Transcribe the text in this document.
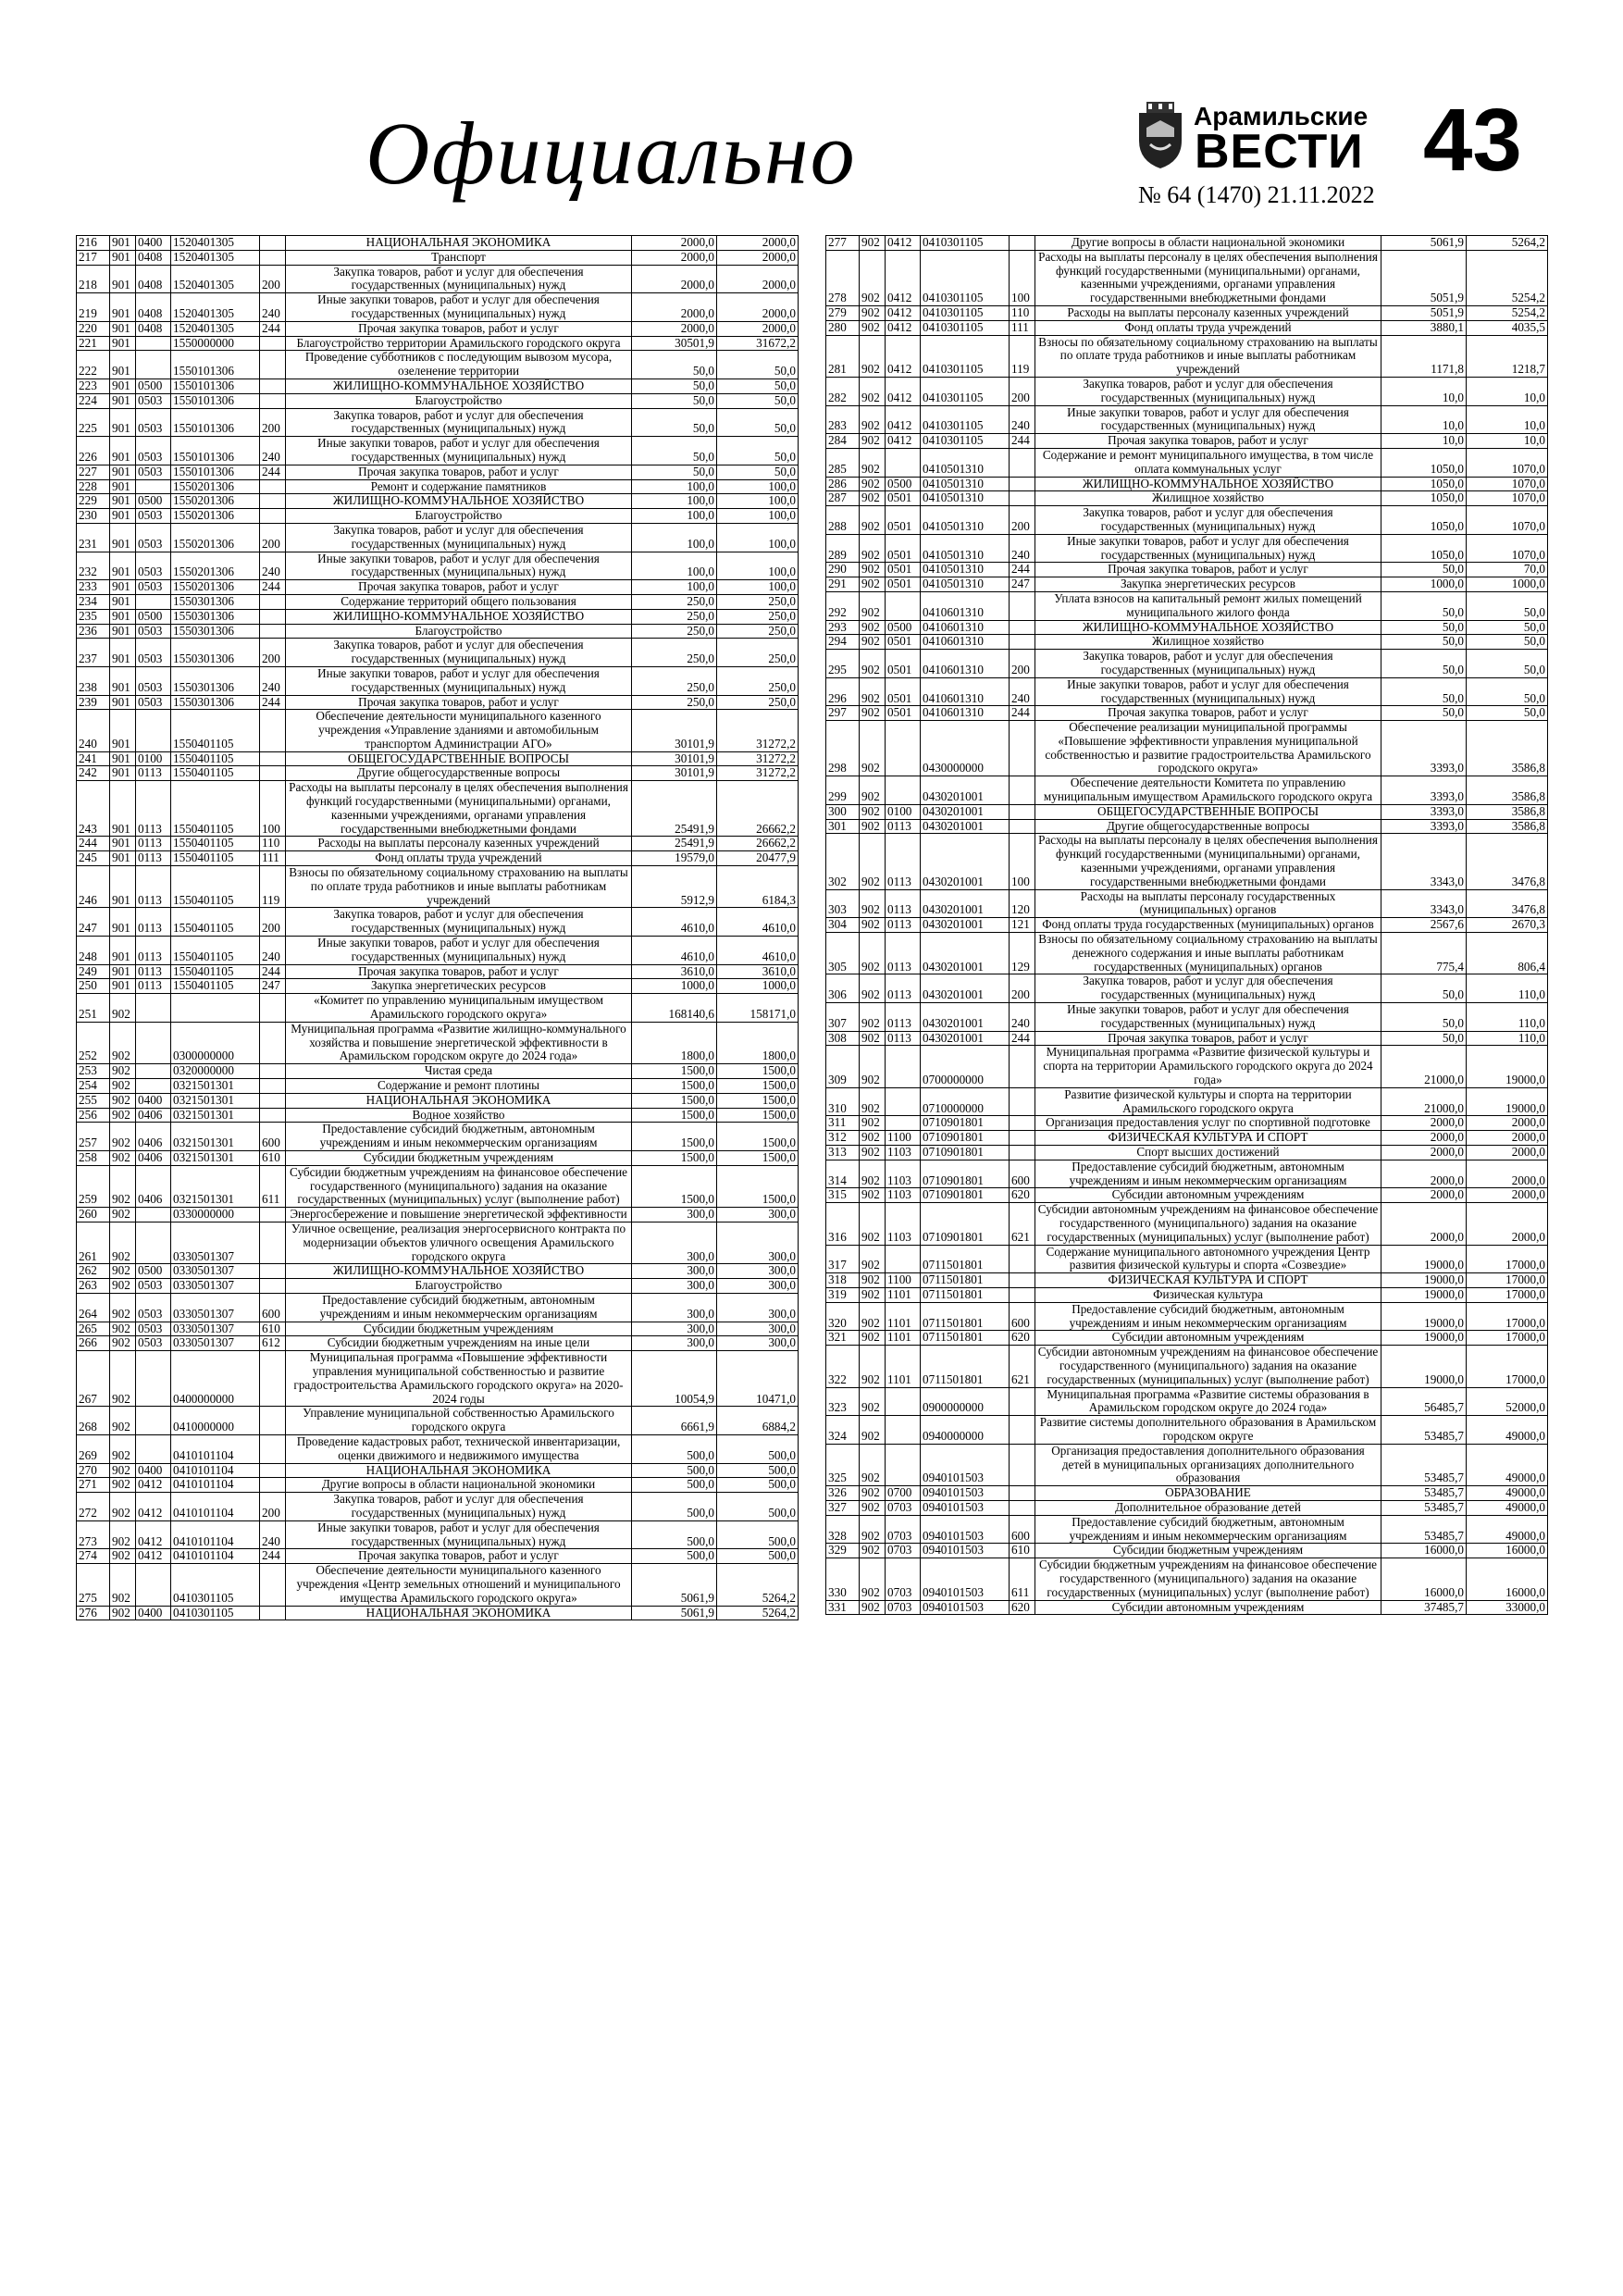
Официально	Арамильские
ВЕСТИ 43
№ 64 (1470) 21.11.2022
216	901	0400	1520401305		НАЦИОНАЛЬНАЯ ЭКОНОМИКА	2000,0	2000,0
217	901	0408	1520401305		Транспорт	2000,0	2000,0
218	901	0408	1520401305	200	Закупка товаров, работ и услуг для обеспечения государственных (муниципальных) нужд	2000,0	2000,0
219	901	0408	1520401305	240	Иные закупки товаров, работ и услуг для обеспечения государственных (муниципальных) нужд	2000,0	2000,0
220	901	0408	1520401305	244	Прочая закупка товаров, работ и услуг	2000,0	2000,0
221	901		1550000000		Благоустройство территории Арамильского городского округа	30501,9	31672,2
222	901		1550101306		Проведение субботников с последующим вывозом мусора, озеленение территории	50,0	50,0
223	901	0500	1550101306		ЖИЛИЩНО-КОММУНАЛЬНОЕ ХОЗЯЙСТВО	50,0	50,0
224	901	0503	1550101306		Благоустройство	50,0	50,0
225	901	0503	1550101306	200	Закупка товаров, работ и услуг для обеспечения государственных (муниципальных) нужд	50,0	50,0
226	901	0503	1550101306	240	Иные закупки товаров, работ и услуг для обеспечения государственных (муниципальных) нужд	50,0	50,0
227	901	0503	1550101306	244	Прочая закупка товаров, работ и услуг	50,0	50,0
228	901		1550201306		Ремонт и содержание памятников	100,0	100,0
229	901	0500	1550201306		ЖИЛИЩНО-КОММУНАЛЬНОЕ ХОЗЯЙСТВО	100,0	100,0
230	901	0503	1550201306		Благоустройство	100,0	100,0
231	901	0503	1550201306	200	Закупка товаров, работ и услуг для обеспечения государственных (муниципальных) нужд	100,0	100,0
232	901	0503	1550201306	240	Иные закупки товаров, работ и услуг для обеспечения государственных (муниципальных) нужд	100,0	100,0
233	901	0503	1550201306	244	Прочая закупка товаров, работ и услуг	100,0	100,0
234	901		1550301306		Содержание территорий общего пользования	250,0	250,0
235	901	0500	1550301306		ЖИЛИЩНО-КОММУНАЛЬНОЕ ХОЗЯЙСТВО	250,0	250,0
236	901	0503	1550301306		Благоустройство	250,0	250,0
237	901	0503	1550301306	200	Закупка товаров, работ и услуг для обеспечения государственных (муниципальных) нужд	250,0	250,0
238	901	0503	1550301306	240	Иные закупки товаров, работ и услуг для обеспечения государственных (муниципальных) нужд	250,0	250,0
239	901	0503	1550301306	244	Прочая закупка товаров, работ и услуг	250,0	250,0
240	901		1550401105		Обеспечение деятельности муниципального казенного учреждения «Управление зданиями и автомобильным транспортом Администрации АГО»	30101,9	31272,2
241	901	0100	1550401105		ОБЩЕГОСУДАРСТВЕННЫЕ ВОПРОСЫ	30101,9	31272,2
242	901	0113	1550401105		Другие общегосударственные вопросы	30101,9	31272,2
243	901	0113	1550401105	100	Расходы на выплаты персоналу в целях обеспечения выполнения функций государственными (муниципальными) органами, казенными учреждениями, органами управления государственными внебюджетными фондами	25491,9	26662,2
244	901	0113	1550401105	110	Расходы на выплаты персоналу казенных учреждений	25491,9	26662,2
245	901	0113	1550401105	111	Фонд оплаты труда учреждений	19579,0	20477,9
246	901	0113	1550401105	119	Взносы по обязательному социальному страхованию на выплаты по оплате труда работников и иные выплаты работникам учреждений	5912,9	6184,3
247	901	0113	1550401105	200	Закупка товаров, работ и услуг для обеспечения государственных (муниципальных) нужд	4610,0	4610,0
248	901	0113	1550401105	240	Иные закупки товаров, работ и услуг для обеспечения государственных (муниципальных) нужд	4610,0	4610,0
249	901	0113	1550401105	244	Прочая закупка товаров, работ и услуг	3610,0	3610,0
250	901	0113	1550401105	247	Закупка энергетических ресурсов	1000,0	1000,0
251	902				«Комитет по управлению муниципальным имуществом Арамильского городского округа»	168140,6	158171,0
252	902		0300000000		Муниципальная программа «Развитие жилищно-коммунального хозяйства и повышение энергетической эффективности в Арамильском городском округе до 2024 года»	1800,0	1800,0
253	902		0320000000		Чистая среда	1500,0	1500,0
254	902		0321501301		Содержание и ремонт плотины	1500,0	1500,0
255	902	0400	0321501301		НАЦИОНАЛЬНАЯ ЭКОНОМИКА	1500,0	1500,0
256	902	0406	0321501301		Водное хозяйство	1500,0	1500,0
257	902	0406	0321501301	600	Предоставление субсидий бюджетным, автономным учреждениям и иным некоммерческим организациям	1500,0	1500,0
258	902	0406	0321501301	610	Субсидии бюджетным учреждениям	1500,0	1500,0
259	902	0406	0321501301	611	Субсидии бюджетным учреждениям на финансовое обеспечение государственного (муниципального) задания на оказание государственных (муниципальных) услуг (выполнение работ)	1500,0	1500,0
260	902		0330000000		Энергосбережение и повышение энергетической эффективности	300,0	300,0
261	902		0330501307		Уличное освещение, реализация энергосервисного контракта по модернизации объектов уличного освещения Арамильского городского округа	300,0	300,0
262	902	0500	0330501307		ЖИЛИЩНО-КОММУНАЛЬНОЕ ХОЗЯЙСТВО	300,0	300,0
263	902	0503	0330501307		Благоустройство	300,0	300,0
264	902	0503	0330501307	600	Предоставление субсидий бюджетным, автономным учреждениям и иным некоммерческим организациям	300,0	300,0
265	902	0503	0330501307	610	Субсидии бюджетным учреждениям	300,0	300,0
266	902	0503	0330501307	612	Субсидии бюджетным учреждениям на иные цели	300,0	300,0
267	902		0400000000		Муниципальная программа «Повышение эффективности управления муниципальной собственностью и развитие градостроительства Арамильского городского округа» на 2020-2024 годы	10054,9	10471,0
268	902		0410000000		Управление муниципальной собственностью Арамильского городского округа	6661,9	6884,2
269	902		0410101104		Проведение кадастровых работ, технической инвентаризации, оценки движимого и недвижимого имущества	500,0	500,0
270	902	0400	0410101104		НАЦИОНАЛЬНАЯ ЭКОНОМИКА	500,0	500,0
271	902	0412	0410101104		Другие вопросы в области национальной экономики	500,0	500,0
272	902	0412	0410101104	200	Закупка товаров, работ и услуг для обеспечения государственных (муниципальных) нужд	500,0	500,0
273	902	0412	0410101104	240	Иные закупки товаров, работ и услуг для обеспечения государственных (муниципальных) нужд	500,0	500,0
274	902	0412	0410101104	244	Прочая закупка товаров, работ и услуг	500,0	500,0
275	902		0410301105		Обеспечение деятельности муниципального казенного учреждения «Центр земельных отношений и муниципального имущества Арамильского городского округа»	5061,9	5264,2
276	902	0400	0410301105		НАЦИОНАЛЬНАЯ ЭКОНОМИКА	5061,9	5264,2
277	902	0412	0410301105		Другие вопросы в области национальной экономики	5061,9	5264,2
278	902	0412	0410301105	100	Расходы на выплаты персоналу в целях обеспечения выполнения функций государственными (муниципальными) органами, казенными учреждениями, органами управления государственными внебюджетными фондами	5051,9	5254,2
279	902	0412	0410301105	110	Расходы на выплаты персоналу казенных учреждений	5051,9	5254,2
280	902	0412	0410301105	111	Фонд оплаты труда учреждений	3880,1	4035,5
281	902	0412	0410301105	119	Взносы по обязательному социальному страхованию на выплаты по оплате труда работников и иные выплаты работникам учреждений	1171,8	1218,7
282	902	0412	0410301105	200	Закупка товаров, работ и услуг для обеспечения государственных (муниципальных) нужд	10,0	10,0
283	902	0412	0410301105	240	Иные закупки товаров, работ и услуг для обеспечения государственных (муниципальных) нужд	10,0	10,0
284	902	0412	0410301105	244	Прочая закупка товаров, работ и услуг	10,0	10,0
285	902		0410501310		Содержание и ремонт муниципального имущества, в том числе оплата коммунальных услуг	1050,0	1070,0
286	902	0500	0410501310		ЖИЛИЩНО-КОММУНАЛЬНОЕ ХОЗЯЙСТВО	1050,0	1070,0
287	902	0501	0410501310		Жилищное хозяйство	1050,0	1070,0
288	902	0501	0410501310	200	Закупка товаров, работ и услуг для обеспечения государственных (муниципальных) нужд	1050,0	1070,0
289	902	0501	0410501310	240	Иные закупки товаров, работ и услуг для обеспечения государственных (муниципальных) нужд	1050,0	1070,0
290	902	0501	0410501310	244	Прочая закупка товаров, работ и услуг	50,0	70,0
291	902	0501	0410501310	247	Закупка энергетических ресурсов	1000,0	1000,0
292	902		0410601310		Уплата взносов на капитальный ремонт жилых помещений муниципального жилого фонда	50,0	50,0
293	902	0500	0410601310		ЖИЛИЩНО-КОММУНАЛЬНОЕ ХОЗЯЙСТВО	50,0	50,0
294	902	0501	0410601310		Жилищное хозяйство	50,0	50,0
295	902	0501	0410601310	200	Закупка товаров, работ и услуг для обеспечения государственных (муниципальных) нужд	50,0	50,0
296	902	0501	0410601310	240	Иные закупки товаров, работ и услуг для обеспечения государственных (муниципальных) нужд	50,0	50,0
297	902	0501	0410601310	244	Прочая закупка товаров, работ и услуг	50,0	50,0
298	902		0430000000		Обеспечение реализации муниципальной программы «Повышение эффективности управления муниципальной собственностью и развитие градостроительства Арамильского городского округа»	3393,0	3586,8
299	902		0430201001		Обеспечение деятельности Комитета по управлению муниципальным имуществом Арамильского городского округа	3393,0	3586,8
300	902	0100	0430201001		ОБЩЕГОСУДАРСТВЕННЫЕ ВОПРОСЫ	3393,0	3586,8
301	902	0113	0430201001		Другие общегосударственные вопросы	3393,0	3586,8
302	902	0113	0430201001	100	Расходы на выплаты персоналу в целях обеспечения выполнения функций государственными (муниципальными) органами, казенными учреждениями, органами управления государственными внебюджетными фондами	3343,0	3476,8
303	902	0113	0430201001	120	Расходы на выплаты персоналу государственных (муниципальных) органов	3343,0	3476,8
304	902	0113	0430201001	121	Фонд оплаты труда государственных (муниципальных) органов	2567,6	2670,3
305	902	0113	0430201001	129	Взносы по обязательному социальному страхованию на выплаты денежного содержания и иные выплаты работникам государственных (муниципальных) органов	775,4	806,4
306	902	0113	0430201001	200	Закупка товаров, работ и услуг для обеспечения государственных (муниципальных) нужд	50,0	110,0
307	902	0113	0430201001	240	Иные закупки товаров, работ и услуг для обеспечения государственных (муниципальных) нужд	50,0	110,0
308	902	0113	0430201001	244	Прочая закупка товаров, работ и услуг	50,0	110,0
309	902		0700000000		Муниципальная программа «Развитие физической культуры и спорта на территории Арамильского городского округа до 2024 года»	21000,0	19000,0
310	902		0710000000		Развитие физической культуры и спорта на территории Арамильского городского округа	21000,0	19000,0
311	902		0710901801		Организация предоставления услуг по спортивной подготовке	2000,0	2000,0
312	902	1100	0710901801		ФИЗИЧЕСКАЯ КУЛЬТУРА И СПОРТ	2000,0	2000,0
313	902	1103	0710901801		Спорт высших достижений	2000,0	2000,0
314	902	1103	0710901801	600	Предоставление субсидий бюджетным, автономным учреждениям и иным некоммерческим организациям	2000,0	2000,0
315	902	1103	0710901801	620	Субсидии автономным учреждениям	2000,0	2000,0
316	902	1103	0710901801	621	Субсидии автономным учреждениям на финансовое обеспечение государственного (муниципального) задания на оказание государственных (муниципальных) услуг (выполнение работ)	2000,0	2000,0
317	902		0711501801		Содержание муниципального автономного учреждения Центр развития физической культуры и спорта «Созвездие»	19000,0	17000,0
318	902	1100	0711501801		ФИЗИЧЕСКАЯ КУЛЬТУРА И СПОРТ	19000,0	17000,0
319	902	1101	0711501801		Физическая культура	19000,0	17000,0
320	902	1101	0711501801	600	Предоставление субсидий бюджетным, автономным учреждениям и иным некоммерческим организациям	19000,0	17000,0
321	902	1101	0711501801	620	Субсидии автономным учреждениям	19000,0	17000,0
322	902	1101	0711501801	621	Субсидии автономным учреждениям на финансовое обеспечение государственного (муниципального) задания на оказание государственных (муниципальных) услуг (выполнение работ)	19000,0	17000,0
323	902		0900000000		Муниципальная программа «Развитие системы образования в Арамильском городском округе до 2024 года»	56485,7	52000,0
324	902		0940000000		Развитие системы дополнительного образования в Арамильском городском округе	53485,7	49000,0
325	902		0940101503		Организация предоставления дополнительного образования детей в муниципальных организациях дополнительного образования	53485,7	49000,0
326	902	0700	0940101503		ОБРАЗОВАНИЕ	53485,7	49000,0
327	902	0703	0940101503		Дополнительное образование детей	53485,7	49000,0
328	902	0703	0940101503	600	Предоставление субсидий бюджетным, автономным учреждениям и иным некоммерческим организациям	53485,7	49000,0
329	902	0703	0940101503	610	Субсидии бюджетным учреждениям	16000,0	16000,0
330	902	0703	0940101503	611	Субсидии бюджетным учреждениям на финансовое обеспечение государственного (муниципального) задания на оказание государственных (муниципальных) услуг (выполнение работ)	16000,0	16000,0
331	902	0703	0940101503	620	Субсидии автономным учреждениям	37485,7	33000,0
